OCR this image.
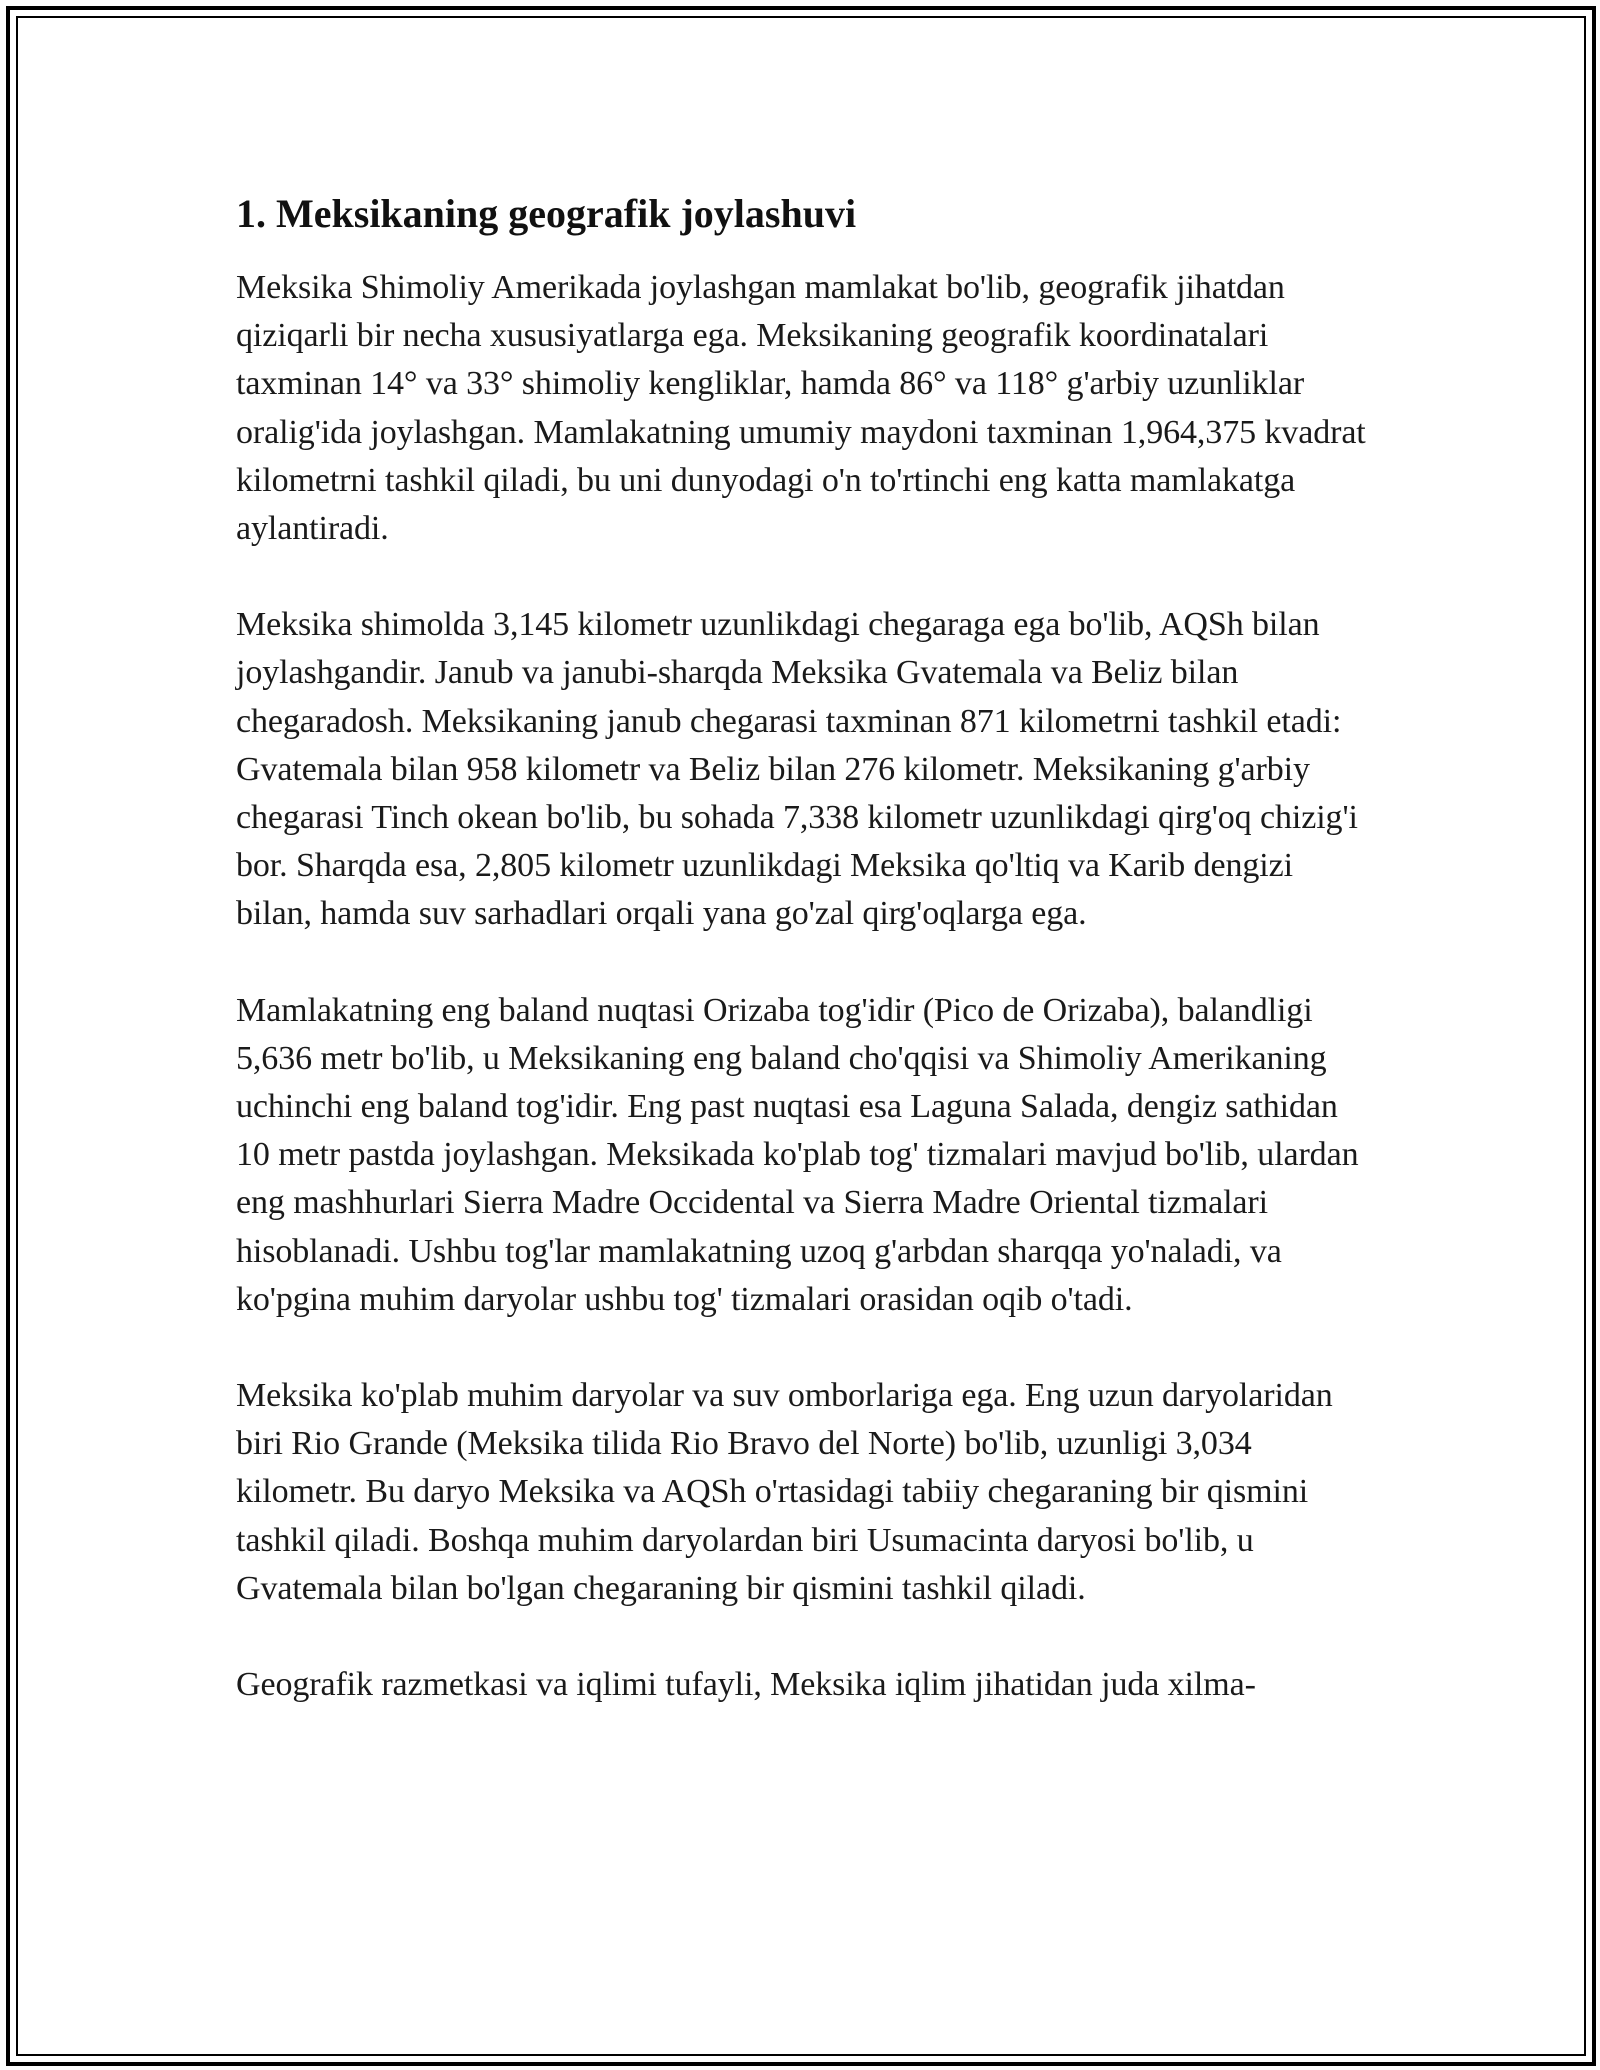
1. Meksikaning geografik joylashuvi

Meksika Shimoliy Amerikada joylashgan mamlakat bo'lib, geografik jihatdan qiziqarli bir necha xususiyatlarga ega. Meksikaning geografik koordinatalari taxminan 14° va 33° shimoliy kengliklar, hamda 86° va 118° g'arbiy uzunliklar oralig'ida joylashgan. Mamlakatning umumiy maydoni taxminan 1,964,375 kvadrat kilometrni tashkil qiladi, bu uni dunyodagi o'n to'rtinchi eng katta mamlakatga aylantiradi.

Meksika shimolda 3,145 kilometr uzunlikdagi chegaraga ega bo'lib, AQSh bilan joylashgandir. Janub va janubi-sharqda Meksika Gvatemala va Beliz bilan chegaradosh. Meksikaning janub chegarasi taxminan 871 kilometrni tashkil etadi: Gvatemala bilan 958 kilometr va Beliz bilan 276 kilometr. Meksikaning g'arbiy chegarasi Tinch okean bo'lib, bu sohada 7,338 kilometr uzunlikdagi qirg'oq chizig'i bor. Sharqda esa, 2,805 kilometr uzunlikdagi Meksika qo'ltiq va Karib dengizi bilan, hamda suv sarhadlari orqali yana go'zal qirg'oqlarga ega.

Mamlakatning eng baland nuqtasi Orizaba tog'idir (Pico de Orizaba), balandligi 5,636 metr bo'lib, u Meksikaning eng baland cho'qqisi va Shimoliy Amerikaning uchinchi eng baland tog'idir. Eng past nuqtasi esa Laguna Salada, dengiz sathidan 10 metr pastda joylashgan. Meksikada ko'plab tog' tizmalari mavjud bo'lib, ulardan eng mashhurlari Sierra Madre Occidental va Sierra Madre Oriental tizmalari hisoblanadi. Ushbu tog'lar mamlakatning uzoq g'arbdan sharqqa yo'naladi, va ko'pgina muhim daryolar ushbu tog' tizmalari orasidan oqib o'tadi.

Meksika ko'plab muhim daryolar va suv omborlariga ega. Eng uzun daryolaridan biri Rio Grande (Meksika tilida Rio Bravo del Norte) bo'lib, uzunligi 3,034 kilometr. Bu daryo Meksika va AQSh o'rtasidagi tabiiy chegaraning bir qismini tashkil qiladi. Boshqa muhim daryolardan biri Usumacinta daryosi bo'lib, u Gvatemala bilan bo'lgan chegaraning bir qismini tashkil qiladi.

Geografik razmetkasi va iqlimi tufayli, Meksika iqlim jihatidan juda xilma-
